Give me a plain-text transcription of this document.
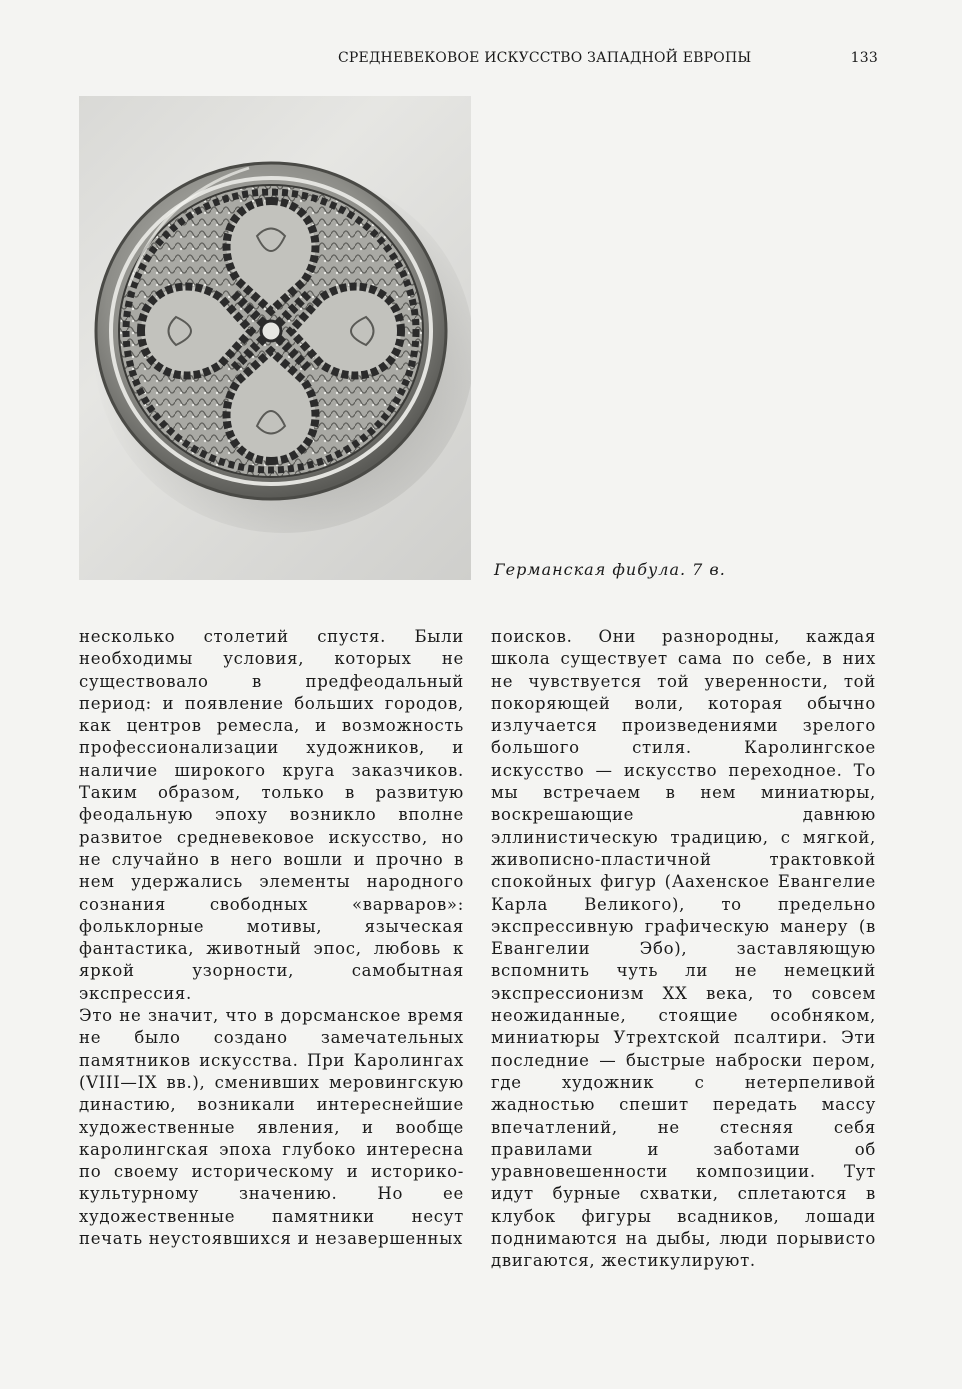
СРЕДНЕВЕКОВОЕ ИСКУССТВО ЗАПАДНОЙ ЕВРОПЫ	133
Германская фибула. 7 в.

несколько столетий спустя. Были необходимы условия, которых не существовало в предфеодальный период: и появление больших городов, как центров ремесла, и возможность профессионализации художников, и наличие широкого круга заказчиков. Таким образом, только в развитую феодальную эпоху возникло вполне развитое средневековое искусство, но не случайно в него вошли и прочно в нем удержались элементы народного сознания свободных «варваров»: фольклорные мотивы, языческая фантастика, животный эпос, любовь к яркой узорности, самобытная экспрессия.

Это не значит, что в дорсманское время не было создано замечательных памятников искусства. При Каролингах (VIII—IX вв.), сменивших меровингскую династию, возникали интереснейшие художественные явления, и вообще каролингская эпоха глубоко интересна по своему историческому и историко-культурному значению. Но ее художественные памятники несут печать неустоявшихся и незавершенных

поисков. Они разнородны, каждая школа существует сама по себе, в них не чувствуется той уверенности, той покоряющей воли, которая обычно излучается произведениями зрелого большого стиля. Каролингское искусство — искусство переходное. То мы встречаем в нем миниатюры, воскрешающие давнюю эллинистическую традицию, с мягкой, живописно-пластичной трактовкой спокойных фигур (Аахенское Евангелие Карла Великого), то предельно экспрессивную графическую манеру (в Евангелии Эбо), заставляющую вспомнить чуть ли не немецкий экспрессионизм XX века, то совсем неожиданные, стоящие особняком, миниатюры Утрехтской псалтири. Эти последние — быстрые наброски пером, где художник с нетерпеливой жадностью спешит передать массу впечатлений, не стесняя себя правилами и заботами об уравновешенности композиции. Тут идут бурные схватки, сплетаются в клубок фигуры всадников, лошади поднимаются на дыбы, люди порывисто двигаются, жестикулируют.
